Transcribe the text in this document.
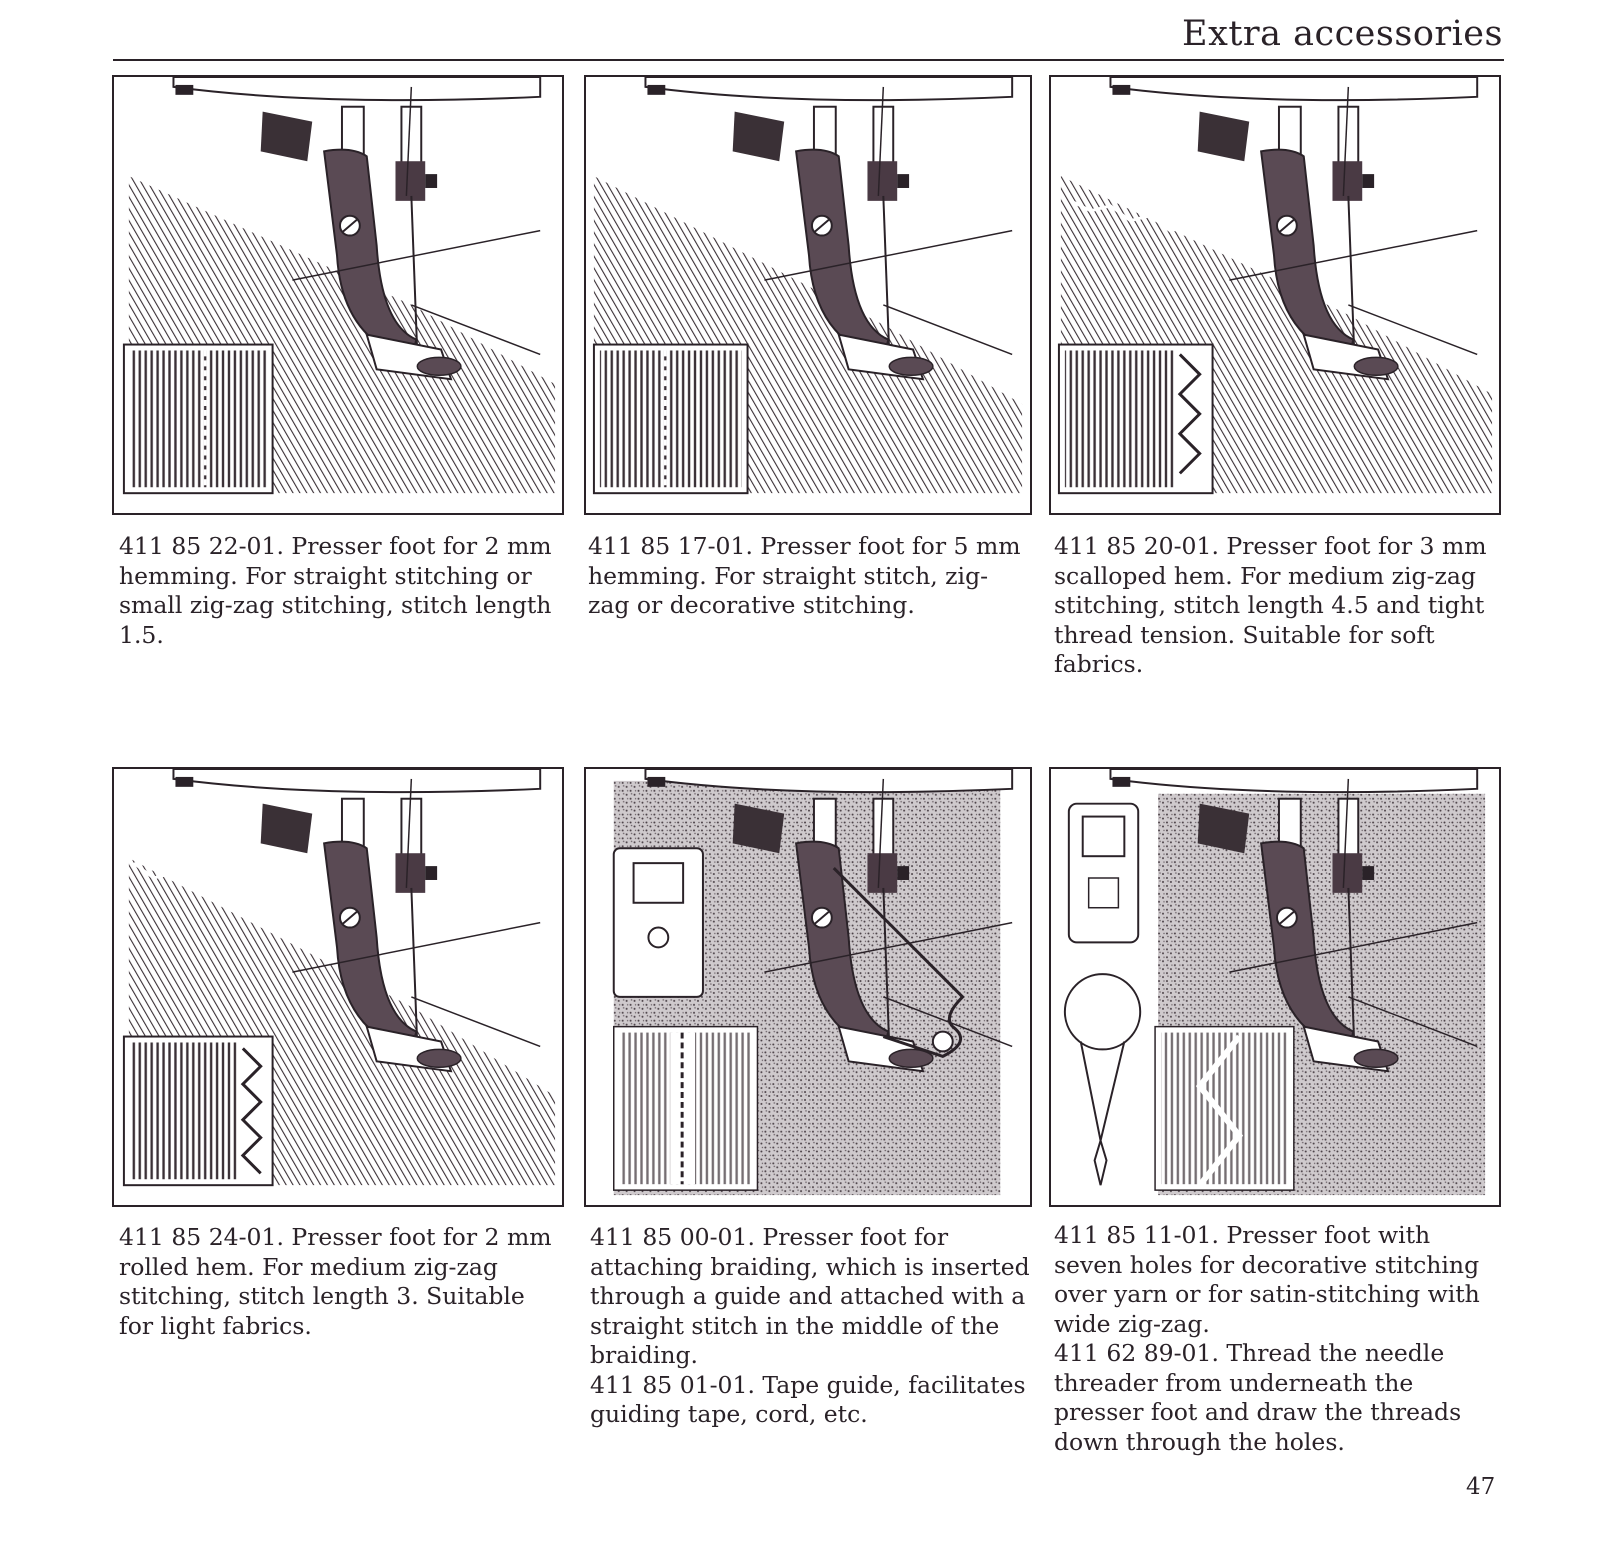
Extra accessories

411 85 22-01. Presser foot for 2 mm hemming. For straight stitching or small zig-zag stitching, stitch length 1.5.

411 85 17-01. Presser foot for 5 mm hemming. For straight stitch, zig-zag or decorative stitching.

411 85 20-01. Presser foot for 3 mm scalloped hem. For medium zig-zag stitching, stitch length 4.5 and tight thread tension. Suitable for soft fabrics.

411 85 24-01. Presser foot for 2 mm rolled hem. For medium zig-zag stitching, stitch length 3. Suitable for light fabrics.

411 85 00-01. Presser foot for attaching braiding, which is inserted through a guide and attached with a straight stitch in the middle of the braiding.

411 85 01-01. Tape guide, facilitates guiding tape, cord, etc.

411 85 11-01. Presser foot with seven holes for decorative stitching over yarn or for satin-stitching with wide zig-zag.

411 62 89-01. Thread the needle threader from underneath the presser foot and draw the threads down through the holes.

47
